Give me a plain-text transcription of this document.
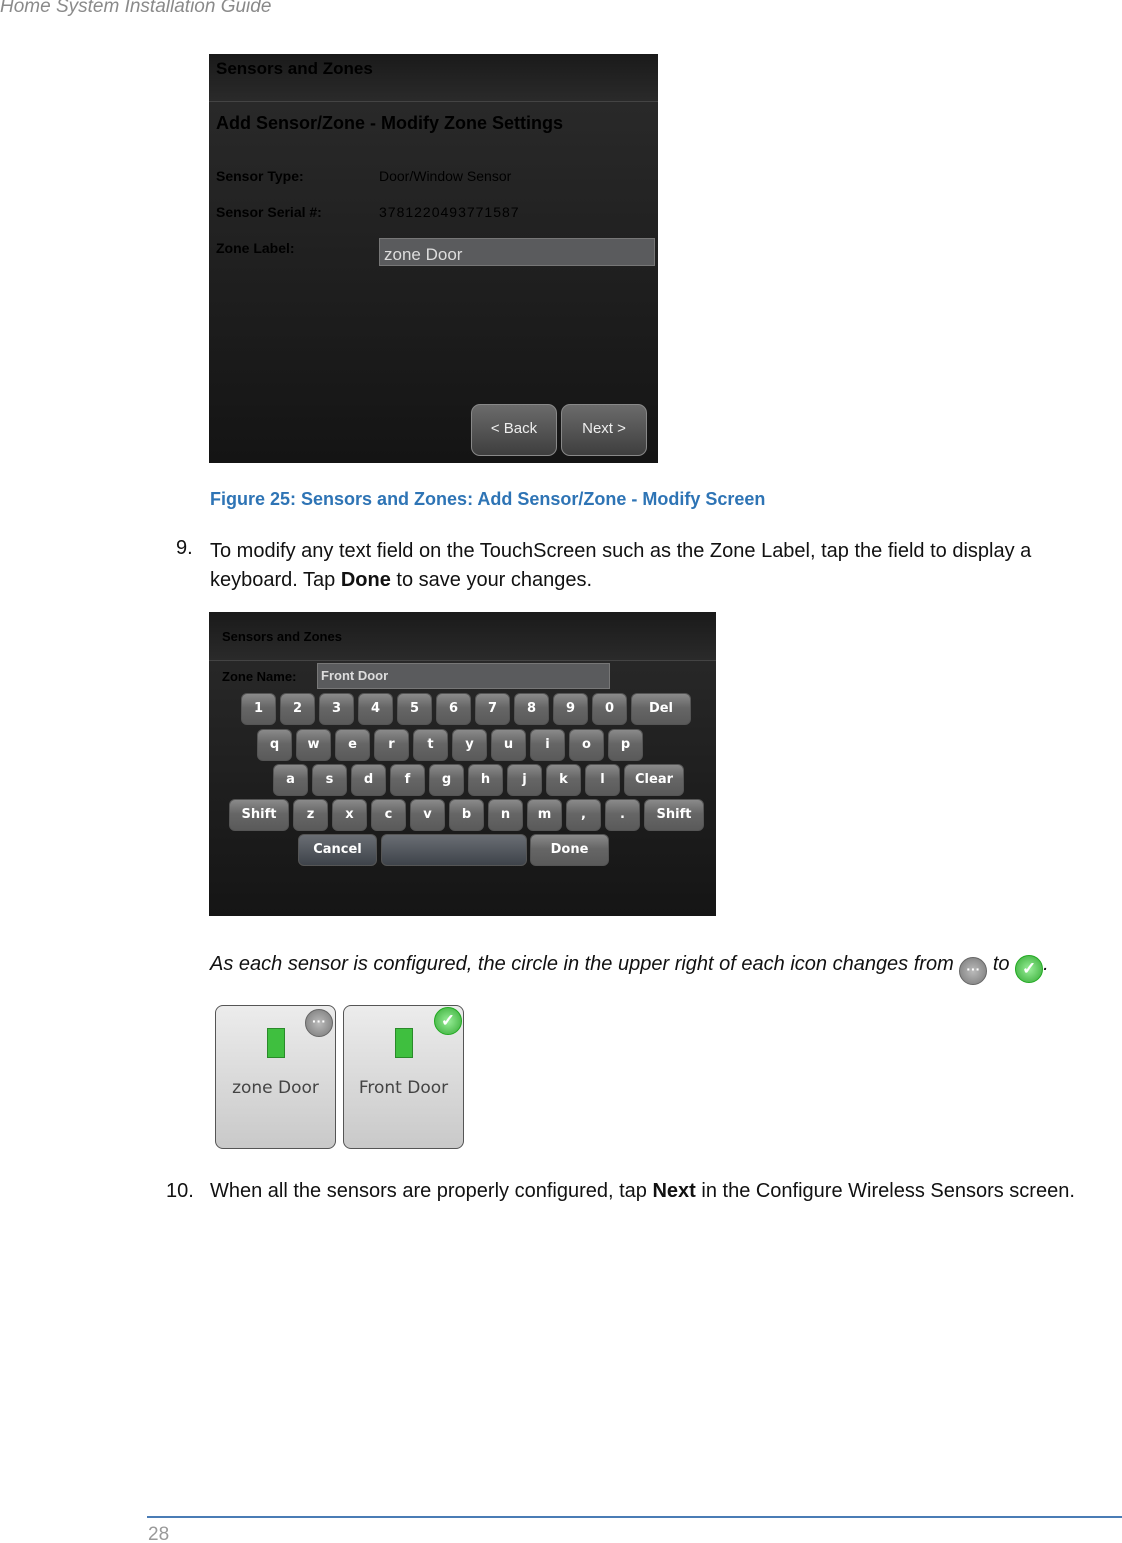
Home System Installation Guide
Sensors and Zones
Add Sensor/Zone - Modify Zone Settings
Sensor Type:	Door/Window Sensor
Sensor Serial #:	3781220493771587
Zone Label:	zone Door
< Back	Next >
Figure 25: Sensors and Zones: Add Sensor/Zone - Modify Screen
9. To modify any text field on the TouchScreen such as the Zone Label, tap the field to display a keyboard. Tap Done to save your changes.
Sensors and Zones
Zone Name:	Front Door
Cancel	Done
1	2	3	4	5	6	7	8	9	0	Del
q	w	e	r	t	y	u	i	o	p
a	s	d	f	g	h	j	k	l	Clear
Shift	z	x	c	v	b	n	m	,	.	Shift
As each sensor is configured, the circle in the upper right of each icon changes from ··· to ✓ .
···
zone Door
✓
Front Door
10. When all the sensors are properly configured, tap Next in the Configure Wireless Sensors screen.
28
